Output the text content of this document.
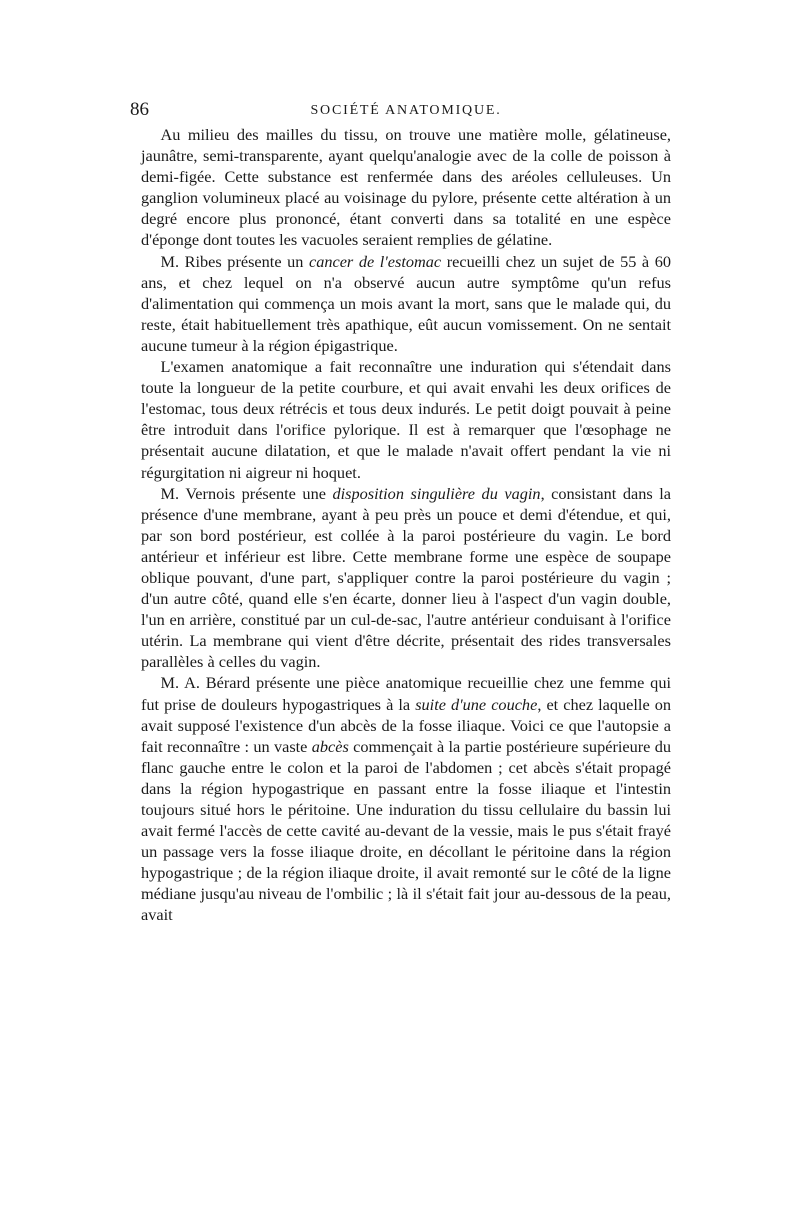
86	SOCIÉTÉ ANATOMIQUE.

Au milieu des mailles du tissu, on trouve une matière molle, gélatineuse, jaunâtre, semi-transparente, ayant quelqu'analogie avec de la colle de poisson à demi-figée. Cette substance est renfermée dans des aréoles celluleuses. Un ganglion volumineux placé au voisinage du pylore, présente cette altération à un degré encore plus prononcé, étant converti dans sa totalité en une espèce d'éponge dont toutes les vacuoles seraient remplies de gélatine.

M. Ribes présente un cancer de l'estomac recueilli chez un sujet de 55 à 60 ans, et chez lequel on n'a observé aucun autre symptôme qu'un refus d'alimentation qui commença un mois avant la mort, sans que le malade qui, du reste, était habituellement très apathique, eût aucun vomissement. On ne sentait aucune tumeur à la région épigastrique.

L'examen anatomique a fait reconnaître une induration qui s'étendait dans toute la longueur de la petite courbure, et qui avait envahi les deux orifices de l'estomac, tous deux rétrécis et tous deux indurés. Le petit doigt pouvait à peine être introduit dans l'orifice pylorique. Il est à remarquer que l'œsophage ne présentait aucune dilatation, et que le malade n'avait offert pendant la vie ni régurgitation ni aigreur ni hoquet.

M. Vernois présente une disposition singulière du vagin, consistant dans la présence d'une membrane, ayant à peu près un pouce et demi d'étendue, et qui, par son bord postérieur, est collée à la paroi postérieure du vagin. Le bord antérieur et inférieur est libre. Cette membrane forme une espèce de soupape oblique pouvant, d'une part, s'appliquer contre la paroi postérieure du vagin ; d'un autre côté, quand elle s'en écarte, donner lieu à l'aspect d'un vagin double, l'un en arrière, constitué par un cul-de-sac, l'autre antérieur conduisant à l'orifice utérin. La membrane qui vient d'être décrite, présentait des rides transversales parallèles à celles du vagin.

M. A. Bérard présente une pièce anatomique recueillie chez une femme qui fut prise de douleurs hypogastriques à la suite d'une couche, et chez laquelle on avait supposé l'existence d'un abcès de la fosse iliaque. Voici ce que l'autopsie a fait reconnaître : un vaste abcès commençait à la partie postérieure supérieure du flanc gauche entre le colon et la paroi de l'abdomen ; cet abcès s'était propagé dans la région hypogastrique en passant entre la fosse iliaque et l'intestin toujours situé hors le péritoine. Une induration du tissu cellulaire du bassin lui avait fermé l'accès de cette cavité au-devant de la vessie, mais le pus s'était frayé un passage vers la fosse iliaque droite, en décollant le péritoine dans la région hypogastrique ; de la région iliaque droite, il avait remonté sur le côté de la ligne médiane jusqu'au niveau de l'ombilic ; là il s'était fait jour au-dessous de la peau, avait
